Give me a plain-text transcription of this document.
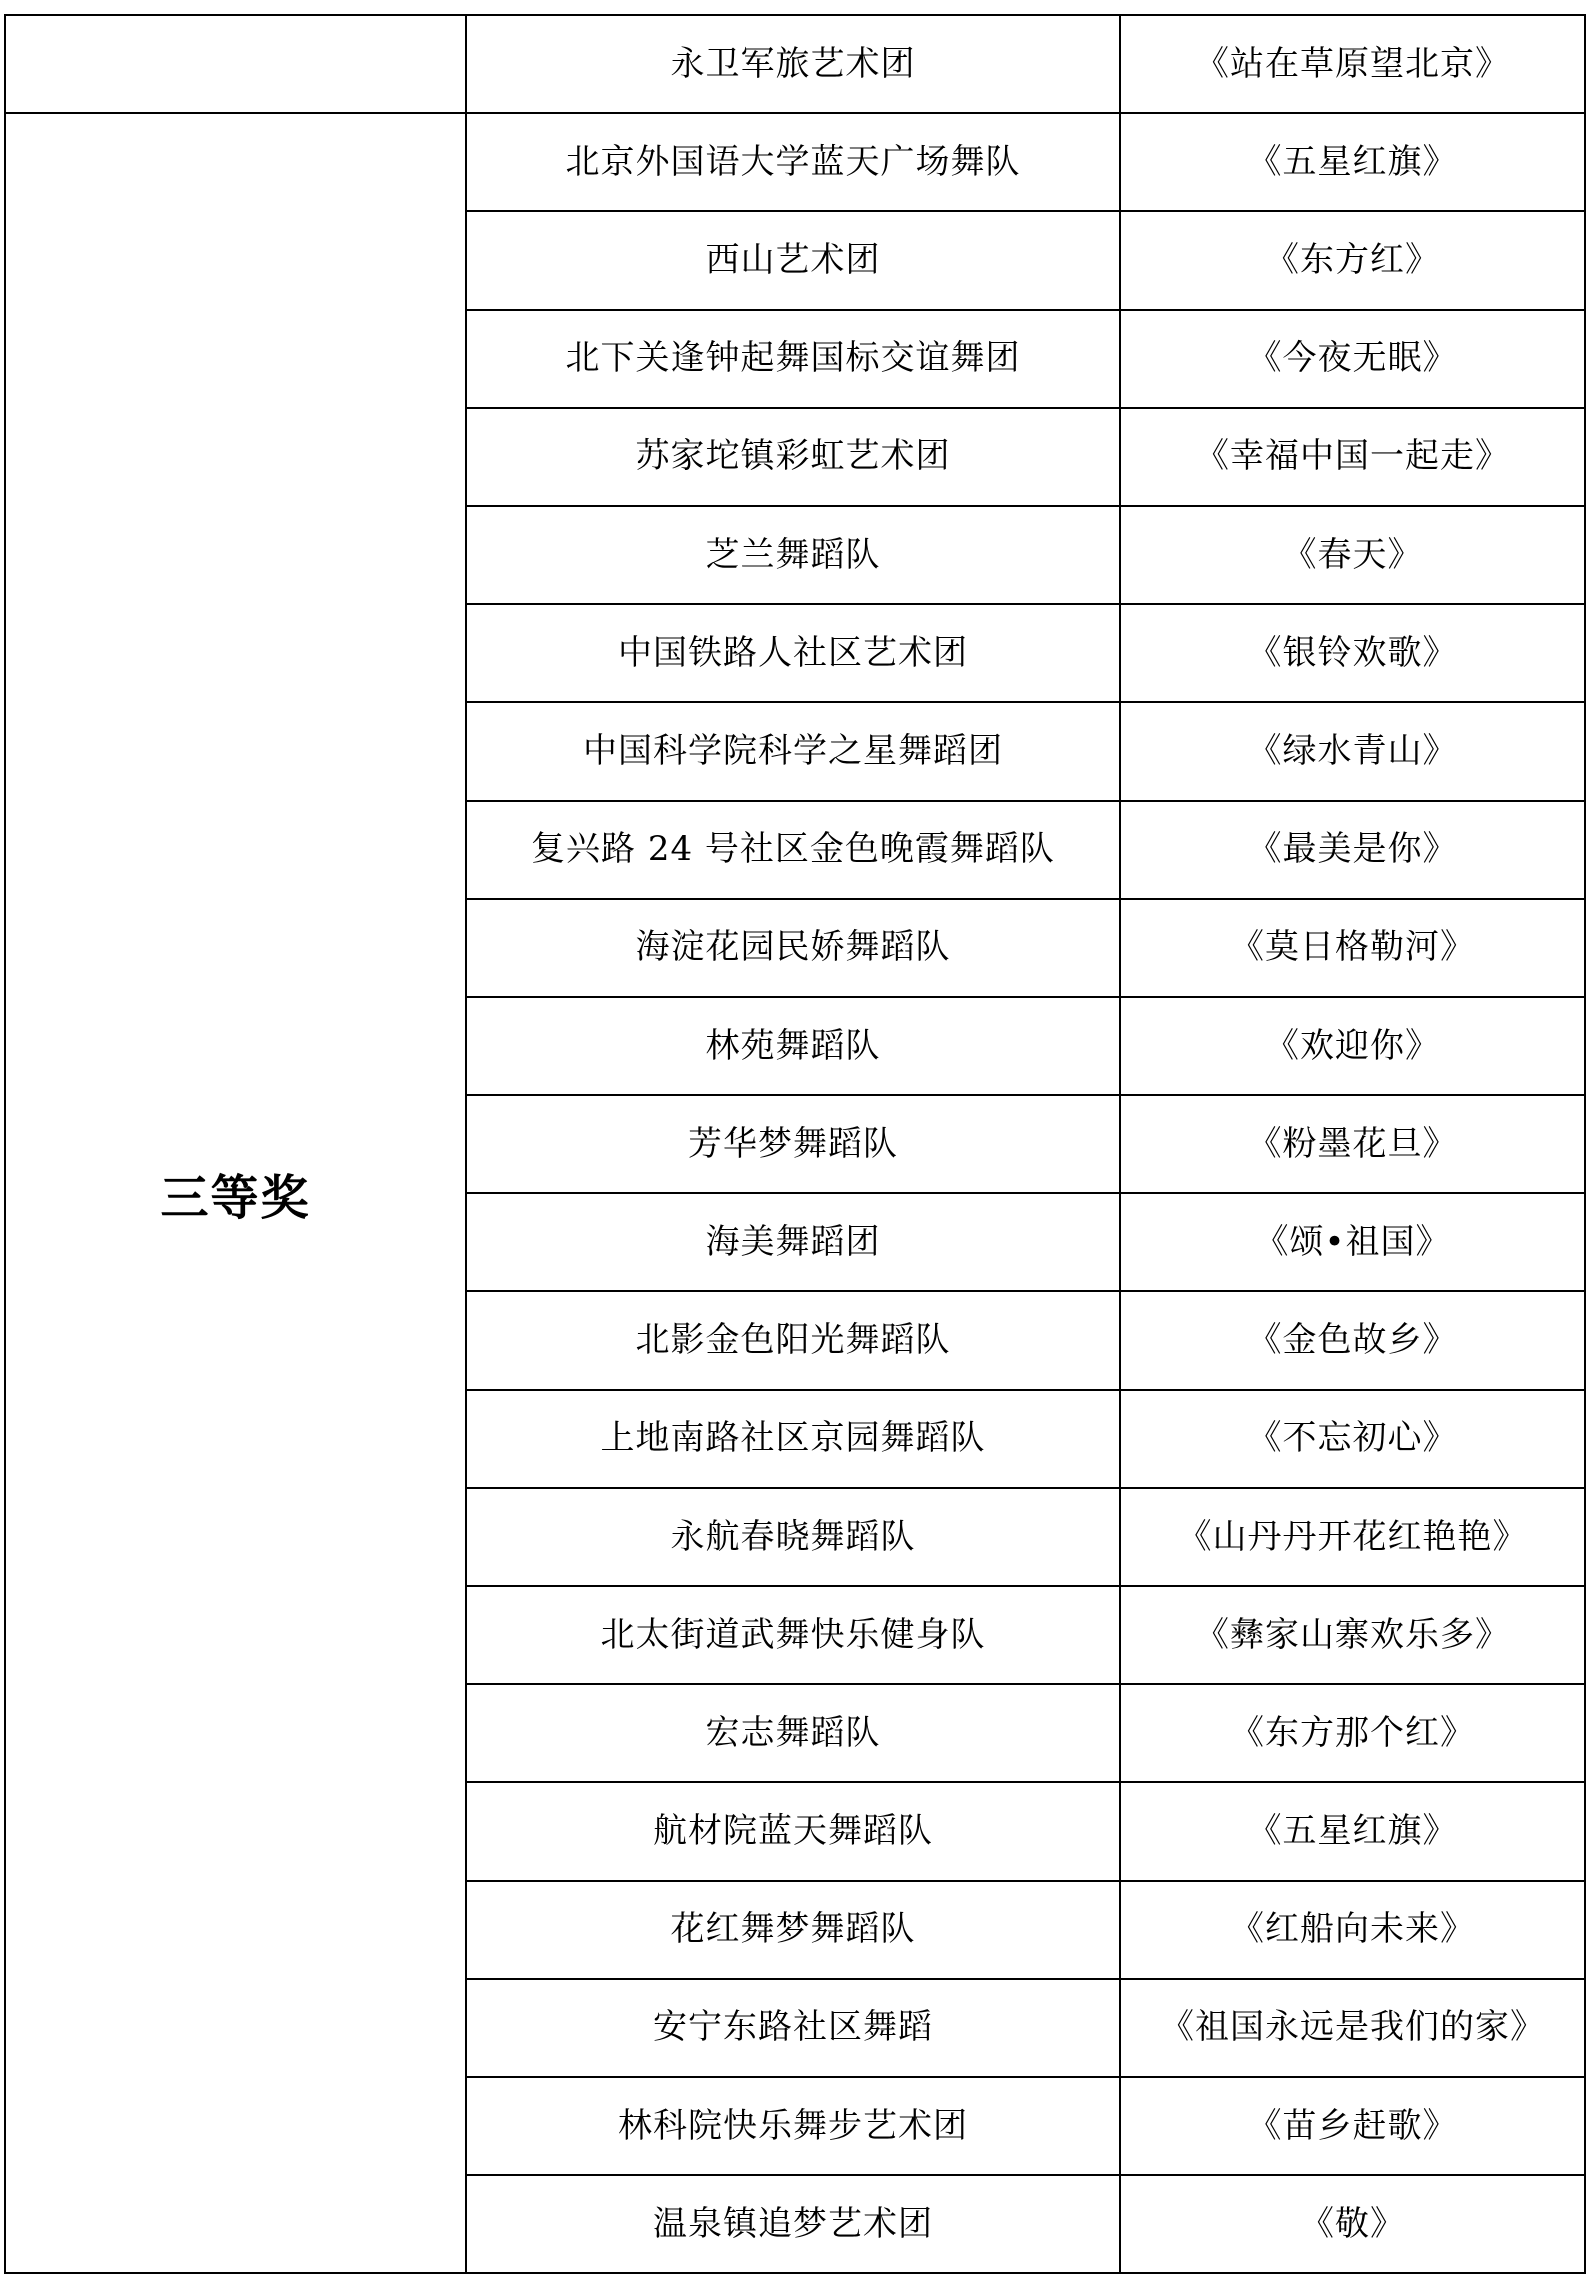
	永卫军旅艺术团	《站在草原望北京》
三等奖	北京外国语大学蓝天广场舞队	《五星红旗》
	西山艺术团	《东方红》
	北下关逢钟起舞国标交谊舞团	《今夜无眠》
	苏家坨镇彩虹艺术团	《幸福中国一起走》
	芝兰舞蹈队	《春天》
	中国铁路人社区艺术团	《银铃欢歌》
	中国科学院科学之星舞蹈团	《绿水青山》
	复兴路 24 号社区金色晚霞舞蹈队	《最美是你》
	海淀花园民娇舞蹈队	《莫日格勒河》
	林苑舞蹈队	《欢迎你》
	芳华梦舞蹈队	《粉墨花旦》
	海美舞蹈团	《颂•祖国》
	北影金色阳光舞蹈队	《金色故乡》
	上地南路社区京园舞蹈队	《不忘初心》
	永航春晓舞蹈队	《山丹丹开花红艳艳》
	北太街道武舞快乐健身队	《彝家山寨欢乐多》
	宏志舞蹈队	《东方那个红》
	航材院蓝天舞蹈队	《五星红旗》
	花红舞梦舞蹈队	《红船向未来》
	安宁东路社区舞蹈	《祖国永远是我们的家》
	林科院快乐舞步艺术团	《苗乡赶歌》
	温泉镇追梦艺术团	《敬》
